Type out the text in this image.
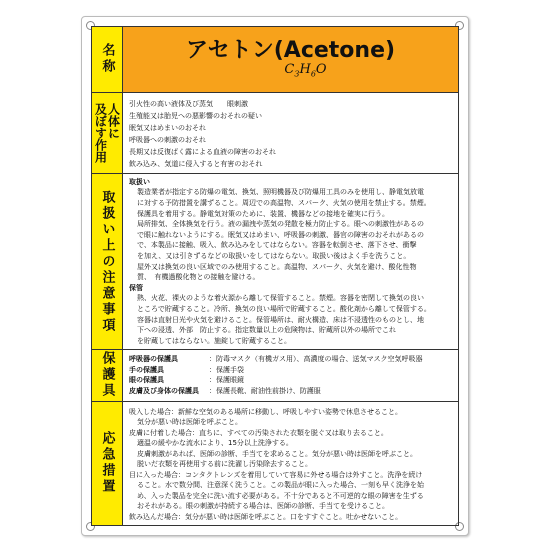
名称	アセトン(Acetone)
$C_3H_6O$
人体に
及ぼす作用	引火性の高い液体及び蒸気　　眼刺激
生殖能又は胎児への悪影響のおそれの疑い
眠気又はめまいのおそれ
呼吸器への刺激のおそれ
長期又は反復ばく露による血液の障害のおそれ
飲み込み、気道に侵入すると有害のおそれ
取扱い上の注意事項
取扱い
製造業者が指定する防爆の電気、換気、照明機器及び防爆用工具のみを使用し、静電気放電
に対する予防措置を講ずること。周辺での高温物、スパーク、火気の使用を禁止する。禁煙。
保護具を着用する。静電気対策のために、装置、機器などの接地を確実に行う。
局所排気、全体換気を行う。液の漏洩や蒸気の発散を極力防止する。眼への刺激性があるの
で眼に触れないようにする。眠気又はめまい、呼吸器の刺激、器官の障害のおそれがあるの
で、本製品に接触、吸入、飲み込みをしてはならない。容器を転倒させ、落下させ、衝撃
を加え、又は引きずるなどの取扱いをしてはならない。取扱い後はよく手を洗うこと。
屋外又は換気の良い区域でのみ使用すること。高温物、スパーク、火気を避け、酸化性物
質、　有機過酸化物との接触を避ける。
保管
熱、火花、裸火のような着火源から離して保管すること。禁煙。容器を密閉して換気の良い
ところで貯蔵すること。冷所、換気の良い場所で貯蔵すること。酸化剤から離して保管する。
容器は直射日光や火気を避けること。保管場所は、耐火構造、床は不浸透性のものとし、地
下への浸透、外部　防止する。指定数量以上の危険物は、貯蔵所以外の場所でこれ
を貯蔵してはならない。施錠して貯蔵すること。
保護具 呼吸器の保護具	：防毒マスク（有機ガス用）、高濃度の場合、送気マスク空気呼吸器
手の保護具	：保護手袋
眼の保護具	：保護眼鏡
皮膚及び身体の保護具	：保護長靴、耐油性前掛け、防護服
応急措置
吸入した場合：新鮮な空気のある場所に移動し、呼吸しやすい姿勢で休息させること。
気分が悪い時は医師を呼ぶこと。
皮膚に付着した場合：直ちに、すべての汚染された衣類を脱ぐ又は取り去ること。
適温の緩やかな流水により、15分以上洗浄する。
皮膚刺激があれば、医師の診断、手当てを求めること。気分が悪い時は医師を呼ぶこと。
脱いだ衣類を再使用する前に洗濯し汚染除去すること。
目に入った場合：コンタクトレンズを着用していて容易に外せる場合は外すこと。洗浄を続け
ること。水で数分間、注意深く洗うこと。この製品が眼に入った場合、一刻も早く洗浄を始
め、入った製品を完全に洗い流す必要がある。不十分であると不可逆的な眼の障害を生ずる
おそれがある。眼の刺激が持続する場合は、医師の診断、手当てを受けること。
飲み込んだ場合：気分が悪い時は医師を呼ぶこと。口をすすぐこと。吐かせないこと。
